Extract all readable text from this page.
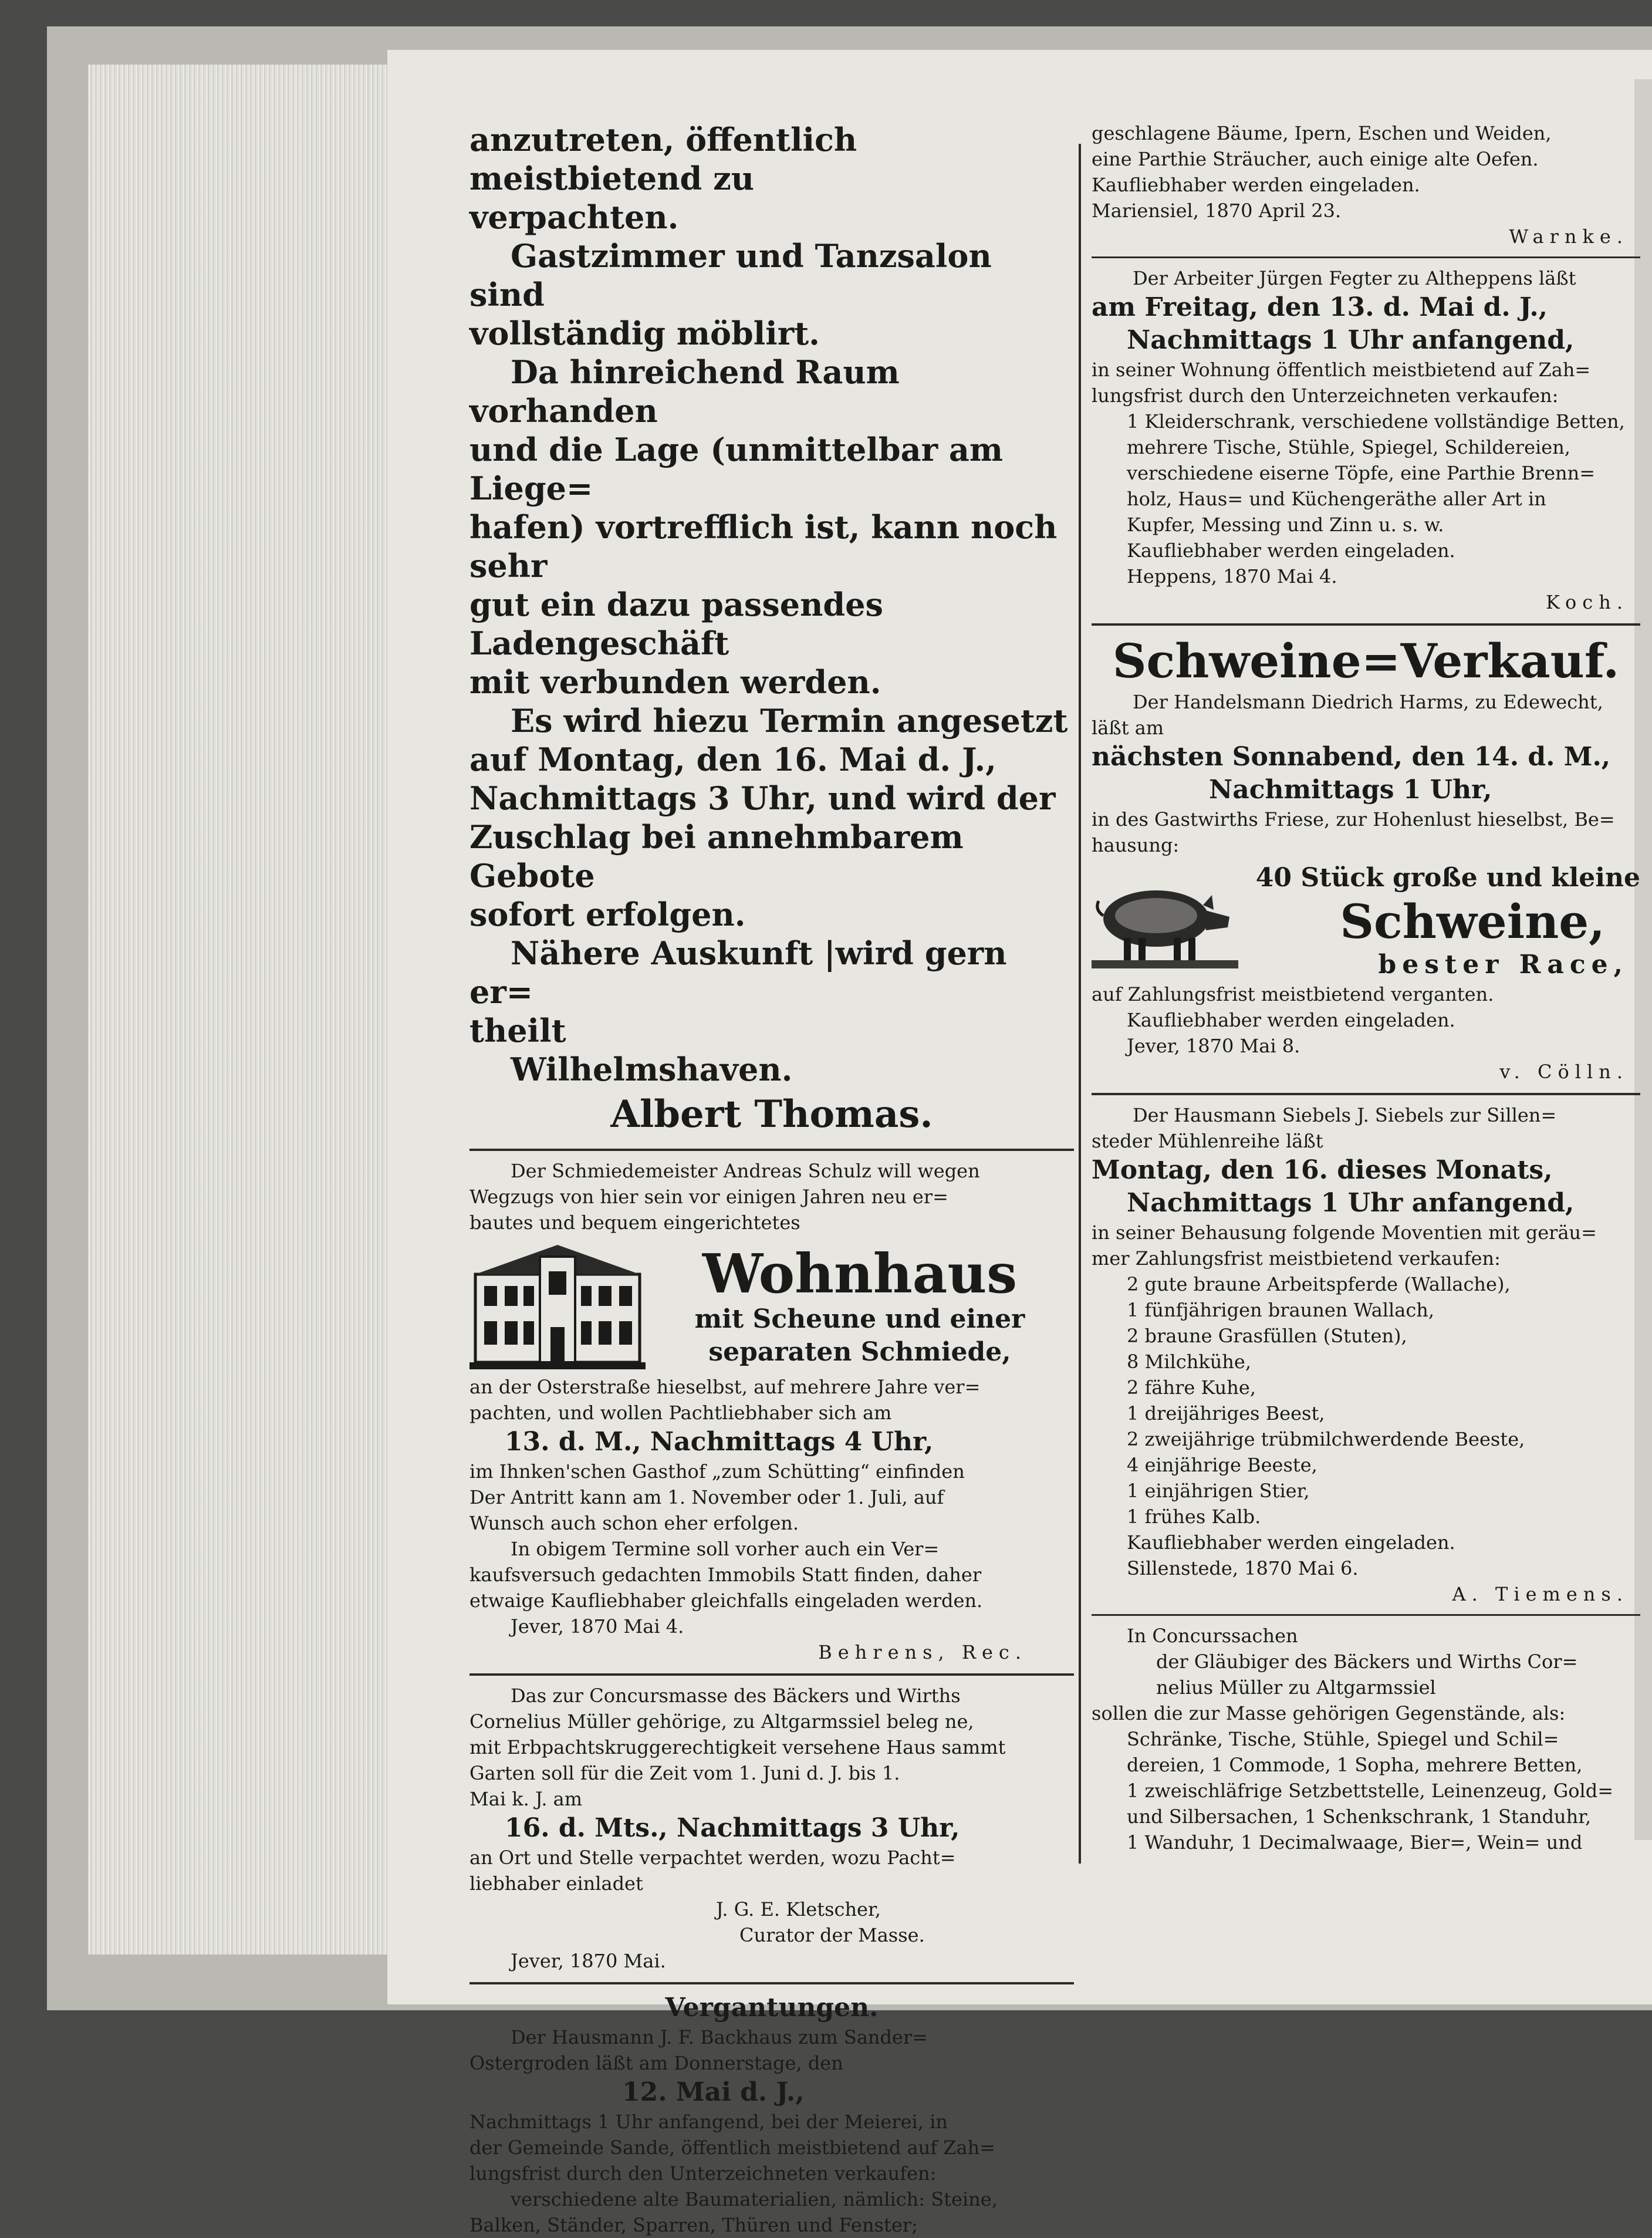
anzutreten, öffentlich meistbietend zu

verpachten.

Gastzimmer und Tanzsalon sind

vollständig möblirt.

Da hinreichend Raum vorhanden

und die Lage (unmittelbar am Liege=

hafen) vortrefflich ist, kann noch sehr

gut ein dazu passendes Ladengeschäft

mit verbunden werden.

Es wird hiezu Termin angesetzt

auf Montag, den 16. Mai d. J.,

Nachmittags 3 Uhr, und wird der

Zuschlag bei annehmbarem Gebote

sofort erfolgen.

Nähere Auskunft |wird gern er=

theilt

Wilhelmshaven.

Albert Thomas.

Der Schmiedemeister Andreas Schulz will wegen

Wegzugs von hier sein vor einigen Jahren neu er=

bautes und bequem eingerichtetes

Wohnhaus

mit Scheune und einer

separaten Schmiede,

an der Osterstraße hieselbst, auf mehrere Jahre ver=

pachten, und wollen Pachtliebhaber sich am

13. d. M., Nachmittags 4 Uhr,

im Ihnken'schen Gasthof „zum Schütting“ einfinden

Der Antritt kann am 1. November oder 1. Juli, auf

Wunsch auch schon eher erfolgen.

In obigem Termine soll vorher auch ein Ver=

kaufsversuch gedachten Immobils Statt finden, daher

etwaige Kaufliebhaber gleichfalls eingeladen werden.

Jever, 1870 Mai 4.

Behrens, Rec.

Das zur Concursmasse des Bäckers und Wirths

Cornelius Müller gehörige, zu Altgarmssiel beleg ne,

mit Erbpachtskruggerechtigkeit versehene Haus sammt

Garten soll für die Zeit vom 1. Juni d. J. bis 1.

Mai k. J. am

16. d. Mts., Nachmittags 3 Uhr,

an Ort und Stelle verpachtet werden, wozu Pacht=

liebhaber einladet

J. G. E. Kletscher,

Curator der Masse.

Jever, 1870 Mai.

Vergantungen.

Der Hausmann J. F. Backhaus zum Sander=

Ostergroden läßt am Donnerstage, den

12. Mai d. J.,

Nachmittags 1 Uhr anfangend, bei der Meierei, in

der Gemeinde Sande, öffentlich meistbietend auf Zah=

lungsfrist durch den Unterzeichneten verkaufen:

verschiedene alte Baumaterialien, nämlich: Steine,

Balken, Ständer, Sparren, Thüren und Fenster;

geschlagene Bäume, Ipern, Eschen und Weiden,

eine Parthie Sträucher, auch einige alte Oefen.

Kaufliebhaber werden eingeladen.

Mariensiel, 1870 April 23.

Warnke.

Der Arbeiter Jürgen Fegter zu Altheppens läßt

am Freitag, den 13. d. Mai d. J.,

Nachmittags 1 Uhr anfangend,

in seiner Wohnung öffentlich meistbietend auf Zah=

lungsfrist durch den Unterzeichneten verkaufen:

1 Kleiderschrank, verschiedene vollständige Betten,

mehrere Tische, Stühle, Spiegel, Schildereien,

verschiedene eiserne Töpfe, eine Parthie Brenn=

holz, Haus= und Küchengeräthe aller Art in

Kupfer, Messing und Zinn u. s. w.

Kaufliebhaber werden eingeladen.

Heppens, 1870 Mai 4.

Koch.

Schweine=Verkauf.

Der Handelsmann Diedrich Harms, zu Edewecht,

läßt am

nächsten Sonnabend, den 14. d. M.,

Nachmittags 1 Uhr,

in des Gastwirths Friese, zur Hohenlust hieselbst, Be=

hausung:

40 Stück große und kleine

Schweine,

bester Race,

auf Zahlungsfrist meistbietend verganten.

Kaufliebhaber werden eingeladen.

Jever, 1870 Mai 8.

v. Cölln.

Der Hausmann Siebels J. Siebels zur Sillen=

steder Mühlenreihe läßt

Montag, den 16. dieses Monats,

Nachmittags 1 Uhr anfangend,

in seiner Behausung folgende Moventien mit geräu=

mer Zahlungsfrist meistbietend verkaufen:

2 gute braune Arbeitspferde (Wallache),

1 fünfjährigen braunen Wallach,

2 braune Grasfüllen (Stuten),

8 Milchkühe,

2 fähre Kuhe,

1 dreijähriges Beest,

2 zweijährige trübmilchwerdende Beeste,

4 einjährige Beeste,

1 einjährigen Stier,

1 frühes Kalb.

Kaufliebhaber werden eingeladen.

Sillenstede, 1870 Mai 6.

A. Tiemens.

In Concurssachen

der Gläubiger des Bäckers und Wirths Cor=

nelius Müller zu Altgarmssiel

sollen die zur Masse gehörigen Gegenstände, als:

Schränke, Tische, Stühle, Spiegel und Schil=

dereien, 1 Commode, 1 Sopha, mehrere Betten,

1 zweischläfrige Setzbettstelle, Leinenzeug, Gold=

und Silbersachen, 1 Schenkschrank, 1 Standuhr,

1 Wanduhr, 1 Decimalwaage, Bier=, Wein= und
